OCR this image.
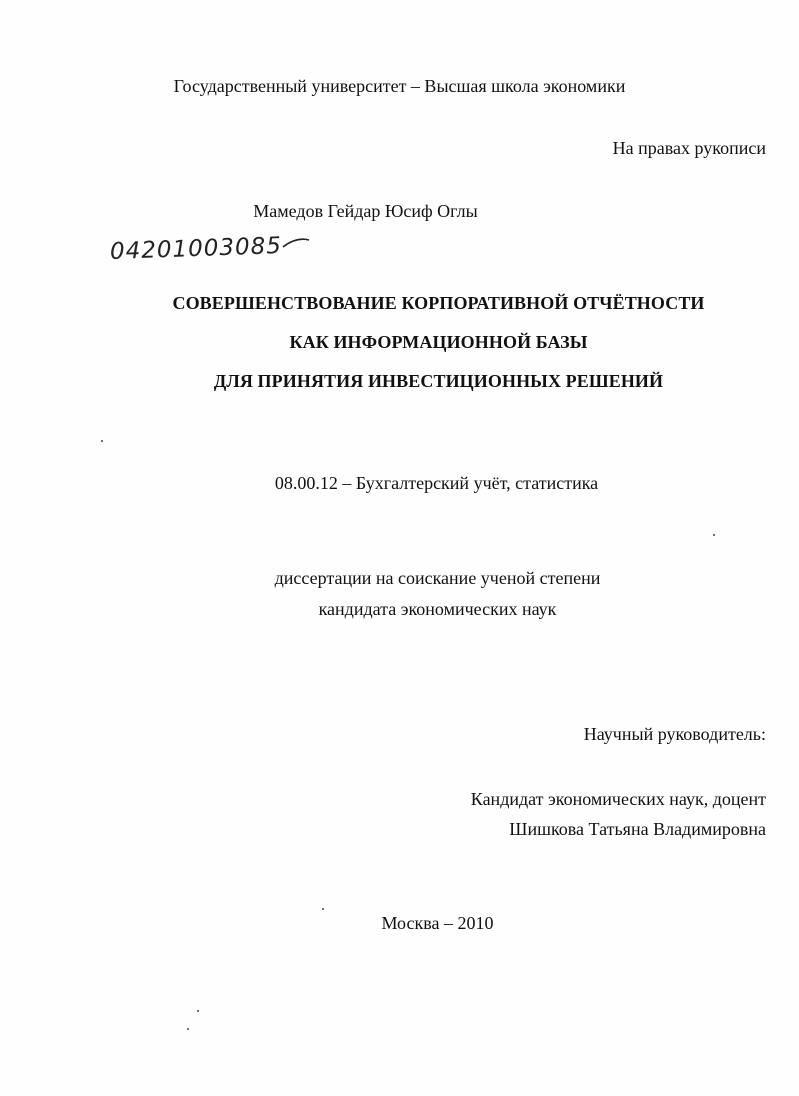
Государственный университет – Высшая школа экономики
На правах рукописи
Мамедов Гейдар Юсиф Оглы
04201003085
СОВЕРШЕНСТВОВАНИЕ КОРПОРАТИВНОЙ ОТЧЁТНОСТИ
КАК ИНФОРМАЦИОННОЙ БАЗЫ
ДЛЯ ПРИНЯТИЯ ИНВЕСТИЦИОННЫХ РЕШЕНИЙ
08.00.12 – Бухгалтерский учёт, статистика
диссертации на соискание ученой степени
кандидата экономических наук
Научный руководитель:
Кандидат экономических наук, доцент
Шишкова Татьяна Владимировна
Москва – 2010
